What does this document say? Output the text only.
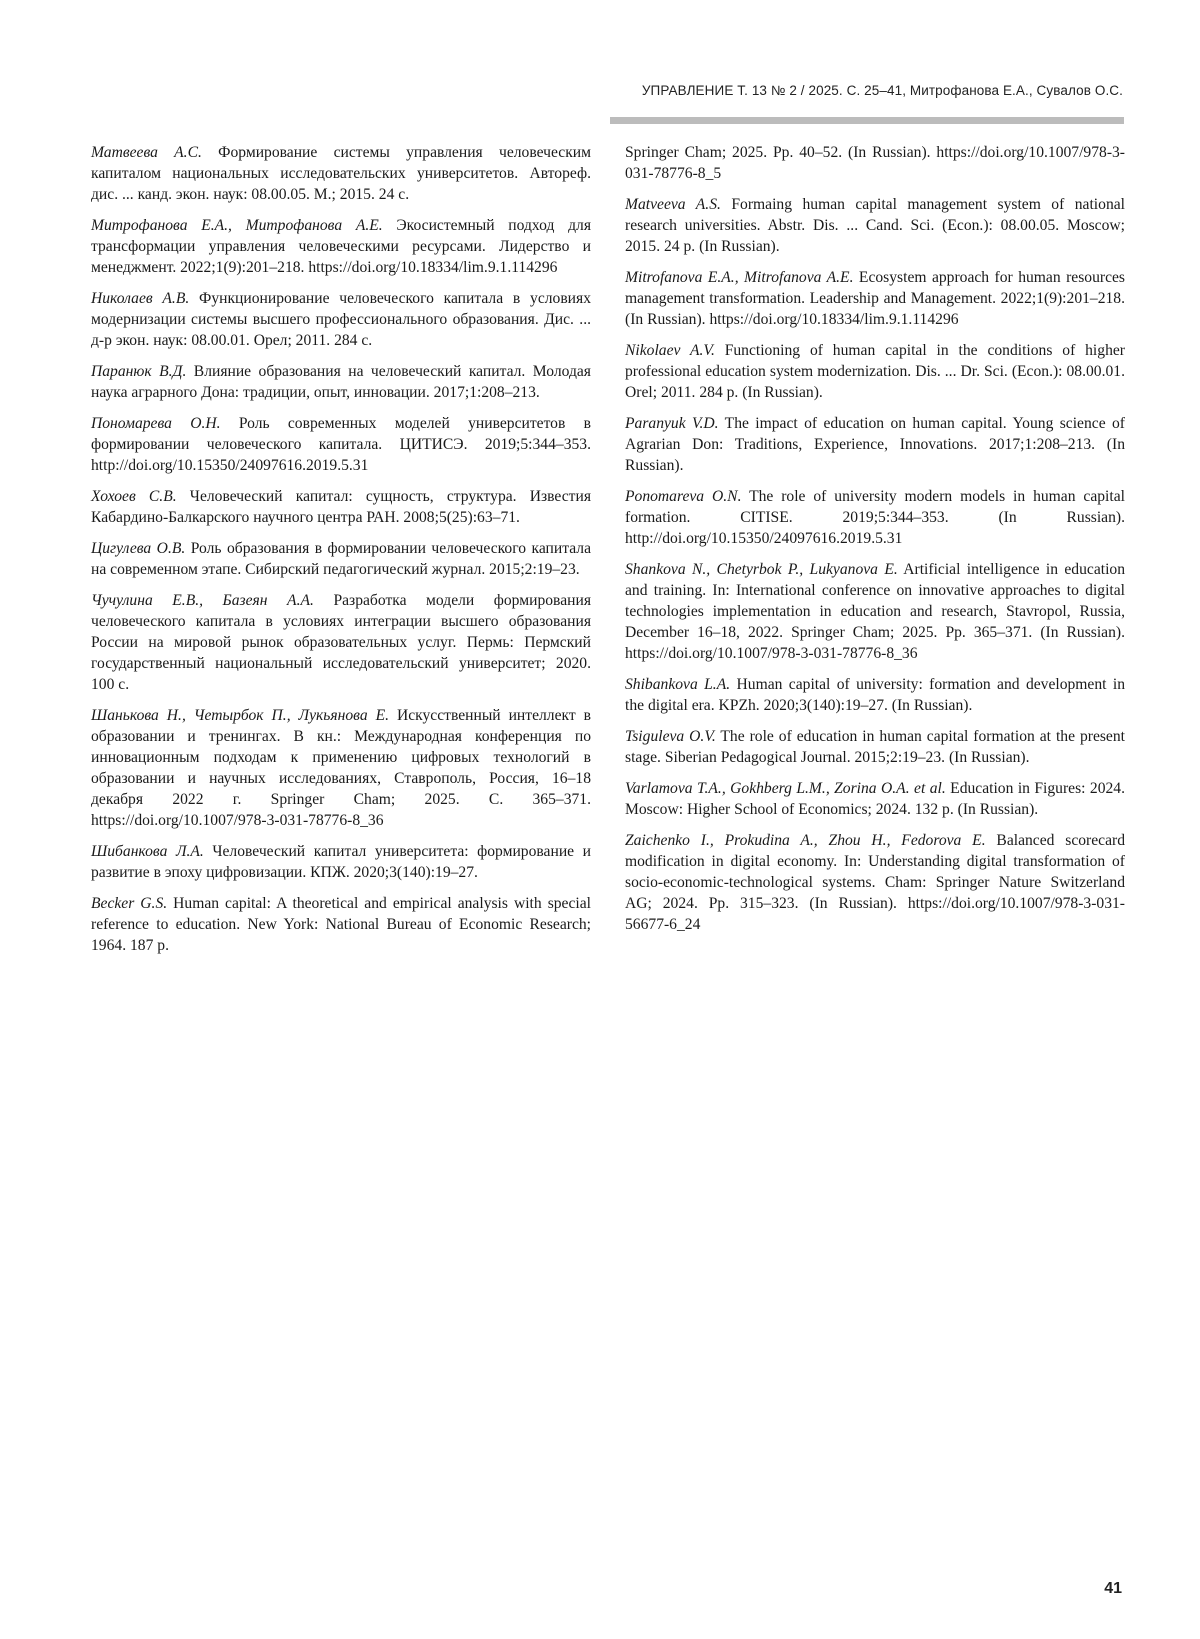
УПРАВЛЕНИЕ Т. 13 № 2 / 2025. С. 25–41, Митрофанова Е.А., Сувалов О.С.

Матвеева А.С. Формирование системы управления человеческим капиталом национальных исследовательских университетов. Автореф. дис. ... канд. экон. наук: 08.00.05. М.; 2015. 24 с.

Митрофанова Е.А., Митрофанова А.Е. Экосистемный подход для трансформации управления человеческими ресурсами. Лидерство и менеджмент. 2022;1(9):201–218. https://doi.org/10.18334/lim.9.1.114296

Николаев А.В. Функционирование человеческого капитала в условиях модернизации системы высшего профессионального образования. Дис. ... д-р экон. наук: 08.00.01. Орел; 2011. 284 с.

Паранюк В.Д. Влияние образования на человеческий капитал. Молодая наука аграрного Дона: традиции, опыт, инновации. 2017;1:208–213.

Пономарева О.Н. Роль современных моделей университетов в формировании человеческого капитала. ЦИТИСЭ. 2019;5:344–353. http://doi.org/10.15350/24097616.2019.5.31

Хохоев С.В. Человеческий капитал: сущность, структура. Известия Кабардино-Балкарского научного центра РАН. 2008;5(25):63–71.

Цигулева О.В. Роль образования в формировании человеческого капитала на современном этапе. Сибирский педагогический журнал. 2015;2:19–23.

Чучулина Е.В., Базеян А.А. Разработка модели формирования человеческого капитала в условиях интеграции высшего образования России на мировой рынок образовательных услуг. Пермь: Пермский государственный национальный исследовательский университет; 2020. 100 с.

Шанькова Н., Четырбок П., Лукьянова Е. Искусственный интеллект в образовании и тренингах. В кн.: Международная конференция по инновационным подходам к применению цифровых технологий в образовании и научных исследованиях, Ставрополь, Россия, 16–18 декабря 2022 г. Springer Cham; 2025. С. 365–371. https://doi.org/10.1007/978-3-031-78776-8_36

Шибанкова Л.А. Человеческий капитал университета: формирование и развитие в эпоху цифровизации. КПЖ. 2020;3(140):19–27.

Becker G.S. Human capital: A theoretical and empirical analysis with special reference to education. New York: National Bureau of Economic Research; 1964. 187 p.

Springer Cham; 2025. Pp. 40–52. (In Russian). https://doi.org/10.1007/978-3-031-78776-8_5

Matveeva A.S. Formaing human capital management system of national research universities. Abstr. Dis. ... Cand. Sci. (Econ.): 08.00.05. Moscow; 2015. 24 p. (In Russian).

Mitrofanova E.A., Mitrofanova A.E. Ecosystem approach for human resources management transformation. Leadership and Management. 2022;1(9):201–218. (In Russian). https://doi.org/10.18334/lim.9.1.114296

Nikolaev A.V. Functioning of human capital in the conditions of higher professional education system modernization. Dis. ... Dr. Sci. (Econ.): 08.00.01. Orel; 2011. 284 p. (In Russian).

Paranyuk V.D. The impact of education on human capital. Young science of Agrarian Don: Traditions, Experience, Innovations. 2017;1:208–213. (In Russian).

Ponomareva O.N. The role of university modern models in human capital formation. CITISE. 2019;5:344–353. (In Russian). http://doi.org/10.15350/24097616.2019.5.31

Shankova N., Chetyrbok P., Lukyanova E. Artificial intelligence in education and training. In: International conference on innovative approaches to digital technologies implementation in education and research, Stavropol, Russia, December 16–18, 2022. Springer Cham; 2025. Pp. 365–371. (In Russian). https://doi.org/10.1007/978-3-031-78776-8_36

Shibankova L.A. Human capital of university: formation and development in the digital era. KPZh. 2020;3(140):19–27. (In Russian).

Tsiguleva O.V. The role of education in human capital formation at the present stage. Siberian Pedagogical Journal. 2015;2:19–23. (In Russian).

Varlamova T.A., Gokhberg L.M., Zorina O.A. et al. Education in Figures: 2024. Moscow: Higher School of Economics; 2024. 132 p. (In Russian).

Zaichenko I., Prokudina A., Zhou H., Fedorova E. Balanced scorecard modification in digital economy. In: Understanding digital transformation of socio-economic-technological systems. Cham: Springer Nature Switzerland AG; 2024. Pp. 315–323. (In Russian). https://doi.org/10.1007/978-3-031-56677-6_24

41
